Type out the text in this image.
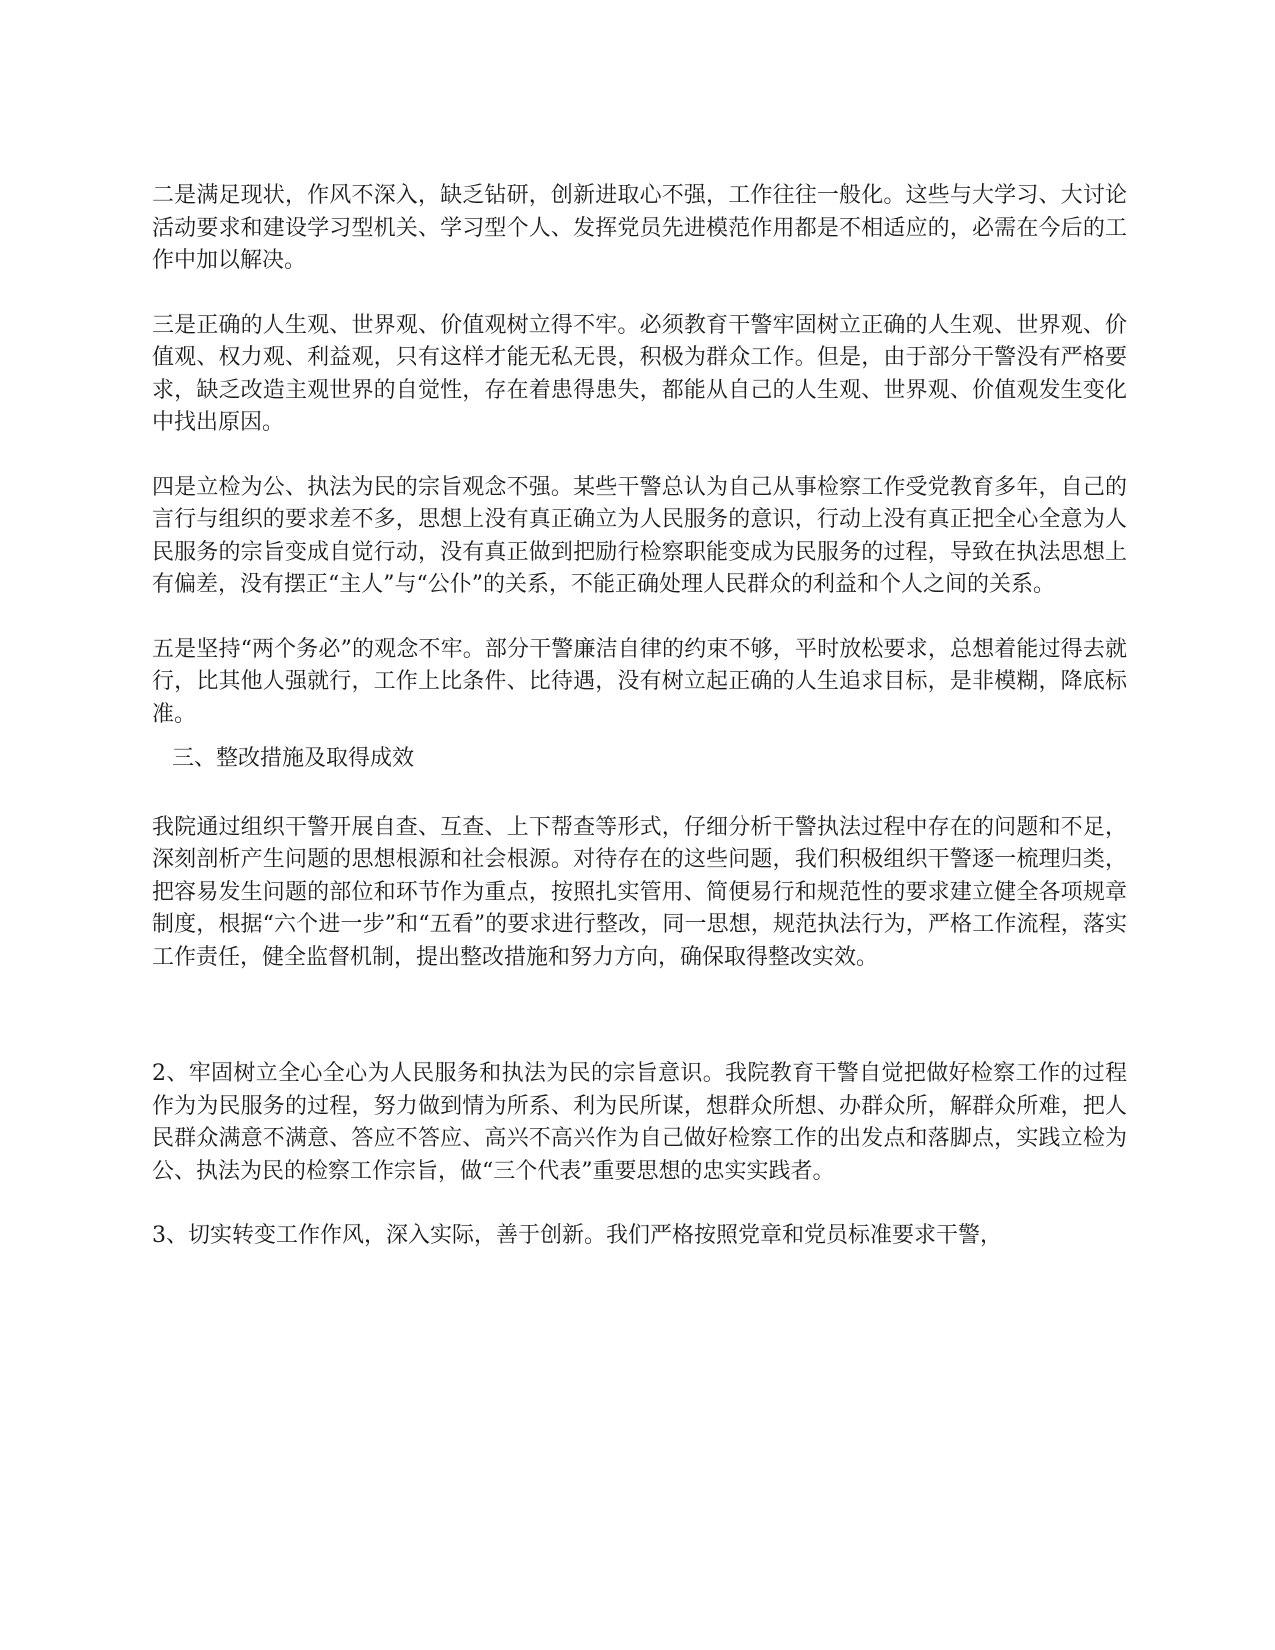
二是满足现状，作风不深入，缺乏钻研，创新进取心不强，工作往往一般化。这些与大学习、大讨论活动要求和建设学习型机关、学习型个人、发挥党员先进模范作用都是不相适应的，必需在今后的工作中加以解决。

三是正确的人生观、世界观、价值观树立得不牢。必须教育干警牢固树立正确的人生观、世界观、价值观、权力观、利益观，只有这样才能无私无畏，积极为群众工作。但是，由于部分干警没有严格要求，缺乏改造主观世界的自觉性，存在着患得患失，都能从自己的人生观、世界观、价值观发生变化中找出原因。

四是立检为公、执法为民的宗旨观念不强。某些干警总认为自己从事检察工作受党教育多年，自己的言行与组织的要求差不多，思想上没有真正确立为人民服务的意识，行动上没有真正把全心全意为人民服务的宗旨变成自觉行动，没有真正做到把励行检察职能变成为民服务的过程，导致在执法思想上有偏差，没有摆正“主人”与“公仆”的关系，不能正确处理人民群众的利益和个人之间的关系。

五是坚持“两个务必”的观念不牢。部分干警廉洁自律的约束不够，平时放松要求，总想着能过得去就行，比其他人强就行，工作上比条件、比待遇，没有树立起正确的人生追求目标，是非模糊，降底标准。

三、整改措施及取得成效

我院通过组织干警开展自查、互查、上下帮查等形式，仔细分析干警执法过程中存在的问题和不足，深刻剖析产生问题的思想根源和社会根源。对待存在的这些问题，我们积极组织干警逐一梳理归类，把容易发生问题的部位和环节作为重点，按照扎实管用、简便易行和规范性的要求建立健全各项规章制度，根据“六个进一步”和“五看”的要求进行整改，同一思想，规范执法行为，严格工作流程，落实工作责任，健全监督机制，提出整改措施和努力方向，确保取得整改实效。

2、牢固树立全心全心为人民服务和执法为民的宗旨意识。我院教育干警自觉把做好检察工作的过程作为为民服务的过程，努力做到情为所系、利为民所谋，想群众所想、办群众所，解群众所难，把人民群众满意不满意、答应不答应、高兴不高兴作为自己做好检察工作的出发点和落脚点，实践立检为公、执法为民的检察工作宗旨，做“三个代表”重要思想的忠实实践者。

3、切实转变工作作风，深入实际，善于创新。我们严格按照党章和党员标准要求干警，
